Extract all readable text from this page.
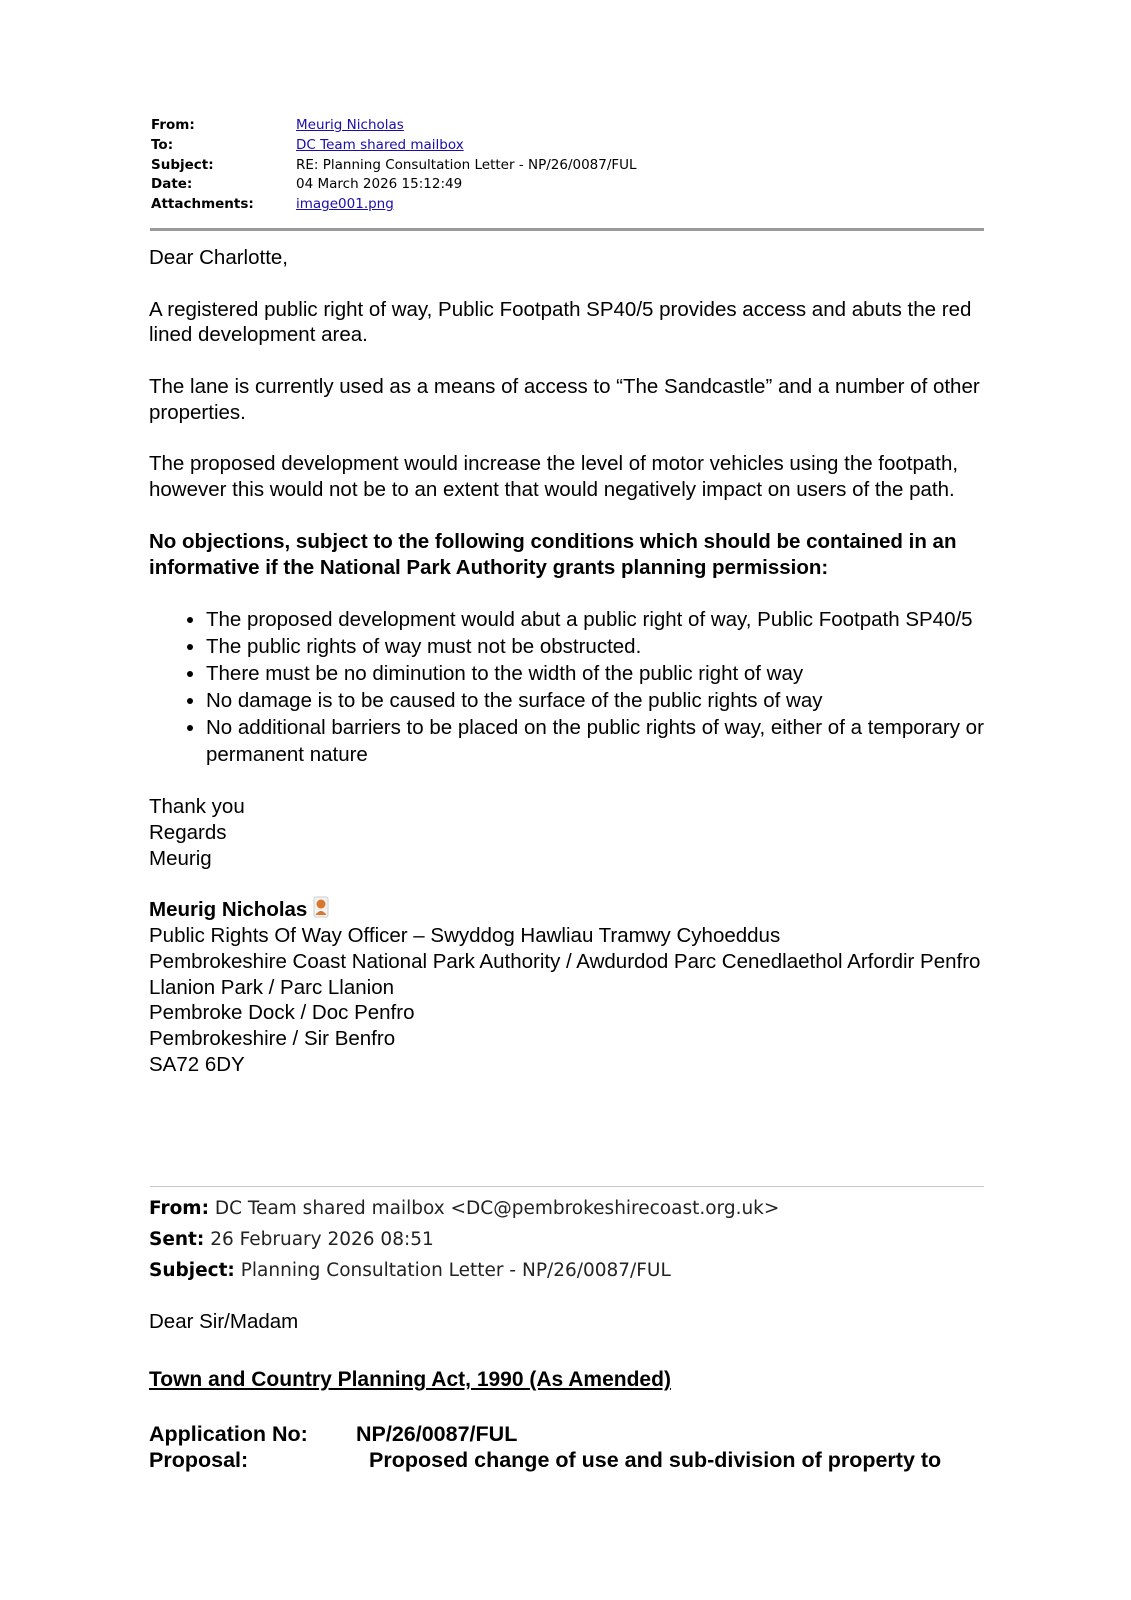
From:	Meurig Nicholas
To:	DC Team shared mailbox
Subject:	RE: Planning Consultation Letter - NP/26/0087/FUL
Date:	04 March 2026 15:12:49
Attachments:	image001.png

Dear Charlotte,

A registered public right of way, Public Footpath SP40/5 provides access and abuts the red lined development area.

The lane is currently used as a means of access to “The Sandcastle” and a number of other properties.

The proposed development would increase the level of motor vehicles using the footpath, however this would not be to an extent that would negatively impact on users of the path.

No objections, subject to the following conditions which should be contained in an informative if the National Park Authority grants planning permission:

• The proposed development would abut a public right of way, Public Footpath SP40/5
• The public rights of way must not be obstructed.
• There must be no diminution to the width of the public right of way
• No damage is to be caused to the surface of the public rights of way
• No additional barriers to be placed on the public rights of way, either of a temporary or permanent nature
Thank you
Regards
Meurig
Meurig Nicholas
Public Rights Of Way Officer – Swyddog Hawliau Tramwy Cyhoeddus
Pembrokeshire Coast National Park Authority / Awdurdod Parc Cenedlaethol Arfordir Penfro
Llanion Park / Parc Llanion
Pembroke Dock / Doc Penfro
Pembrokeshire / Sir Benfro
SA72 6DY
From: DC Team shared mailbox <DC@pembrokeshirecoast.org.uk>
Sent: 26 February 2026 08:51
Subject: Planning Consultation Letter - NP/26/0087/FUL
Dear Sir/Madam
Town and Country Planning Act, 1990 (As Amended)
Application No: NP/26/0087/FUL
Proposal:	Proposed change of use and sub-division of property to
